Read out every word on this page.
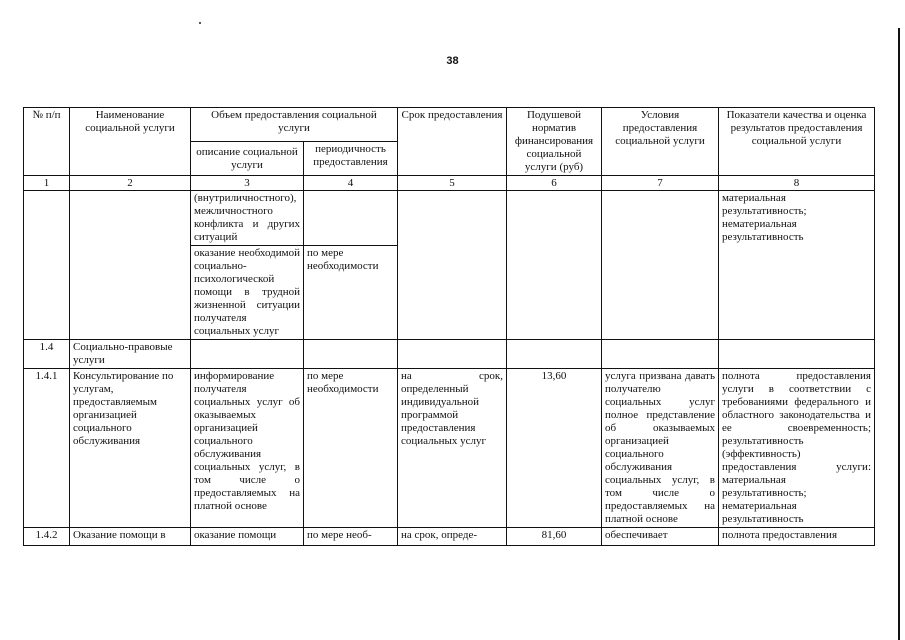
38
№ п/п	Наименование социальной услуги	Объем предоставления социальной услуги		Срок предоставления	Подушевой норматив финансирования социальной услуги (руб)	Условия предоставления социальной услуги	Показатели качества и оценка результатов предоставления социальной услуги
		описание социальной услуги	периодичность предоставления				
1	2	3	4	5	6	7	8
		(внутриличностного), межличностного конфликта и других ситуаций					материальная результативность; нематериальная результативность
		оказание необходимой социально-психологической помощи в трудной жизненной ситуации получателя социальных услуг	по мере необходимости				
1.4	Социально-правовые услуги						
1.4.1	Консультирование по услугам, предоставляемым организацией социального обслуживания	информирование получателя социальных услуг об оказываемых организацией социального обслуживания социальных услуг, в том числе о предоставляемых на платной основе	по мере необходимости	на срок, определенный индивидуальной программой предоставления социальных услуг	13,60	услуга призвана давать получателю социальных услуг полное представление об оказываемых организацией социального обслуживания социальных услуг, в том числе о предоставляемых на платной основе	полнота предоставления услуги в соответствии с требованиями федерального и областного законодательства и ее своевременность; результативность (эффективность) предоставления услуги: материальная результативность; нематериальная результативность
1.4.2	Оказание помощи в	оказание помощи	по мере необ-	на срок, опреде-	81,60	обеспечивает	полнота предоставления
